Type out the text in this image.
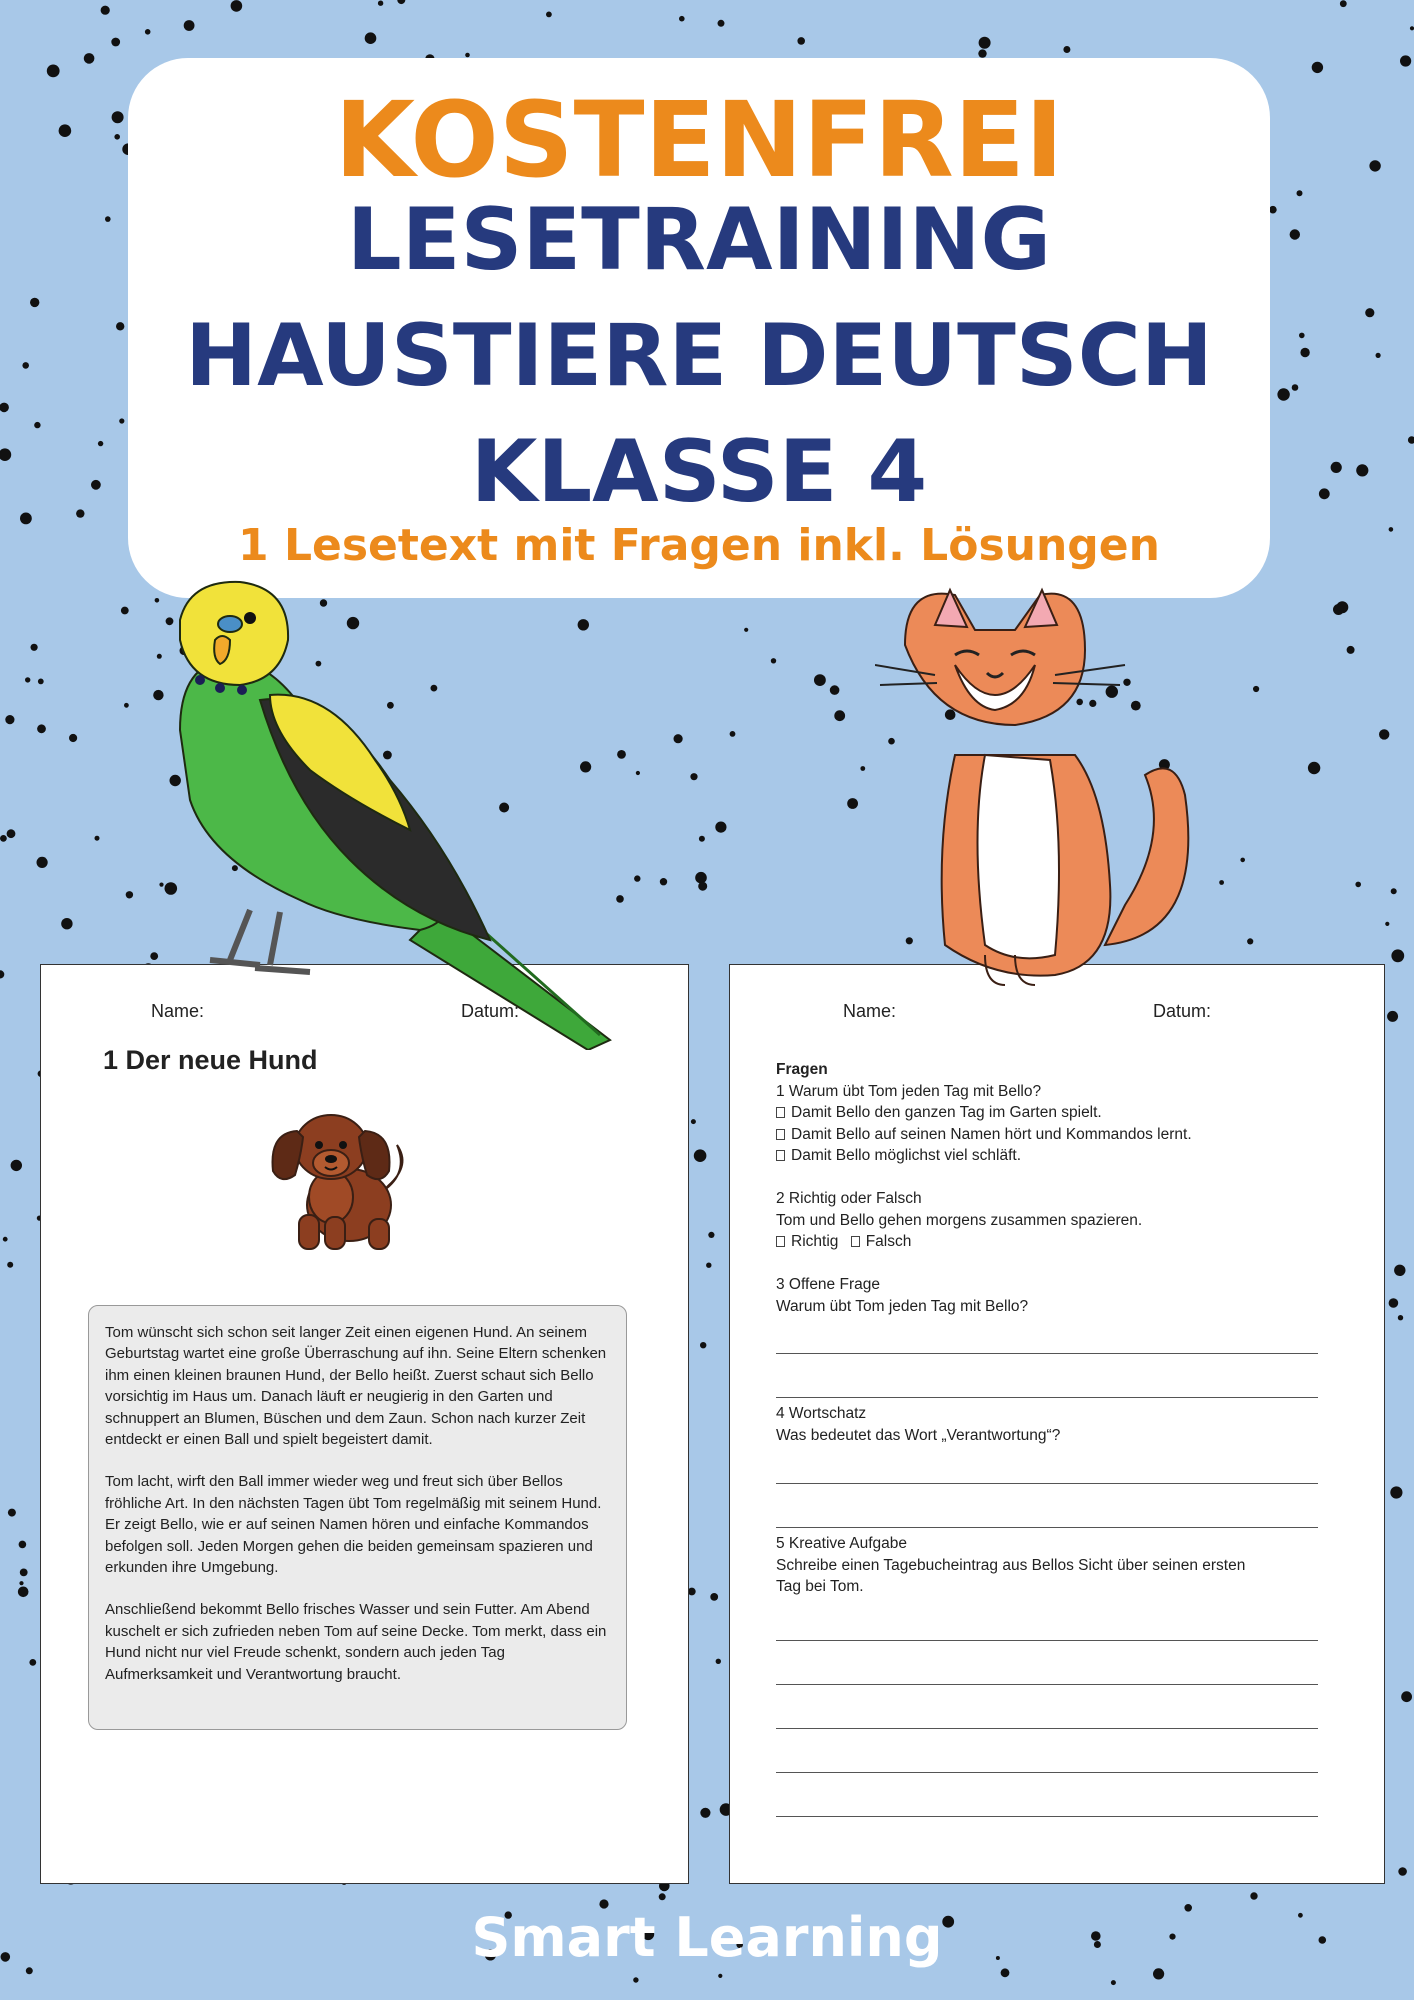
KOSTENFREI

LESETRAINING

HAUSTIERE DEUTSCH

KLASSE 4

1 Lesetext mit Fragen inkl. Lösungen

Name:	Datum:
1 Der neue Hund

Tom wünscht sich schon seit langer Zeit einen eigenen Hund. An seinem Geburtstag wartet eine große Überraschung auf ihn. Seine Eltern schenken ihm einen kleinen braunen Hund, der Bello heißt. Zuerst schaut sich Bello vorsichtig im Haus um. Danach läuft er neugierig in den Garten und schnuppert an Blumen, Büschen und dem Zaun. Schon nach kurzer Zeit entdeckt er einen Ball und spielt begeistert damit.

Tom lacht, wirft den Ball immer wieder weg und freut sich über Bellos fröhliche Art. In den nächsten Tagen übt Tom regelmäßig mit seinem Hund. Er zeigt Bello, wie er auf seinen Namen hören und einfache Kommandos befolgen soll. Jeden Morgen gehen die beiden gemeinsam spazieren und erkunden ihre Umgebung.

Anschließend bekommt Bello frisches Wasser und sein Futter. Am Abend kuschelt er sich zufrieden neben Tom auf seine Decke. Tom merkt, dass ein Hund nicht nur viel Freude schenkt, sondern auch jeden Tag Aufmerksamkeit und Verantwortung braucht.

Name:	Datum:
Fragen
1 Warum übt Tom jeden Tag mit Bello?
Damit Bello den ganzen Tag im Garten spielt.
Damit Bello auf seinen Namen hört und Kommandos lernt.
Damit Bello möglichst viel schläft.
2 Richtig oder Falsch
Tom und Bello gehen morgens zusammen spazieren.
Richtig Falsch
3 Offene Frage
Warum übt Tom jeden Tag mit Bello?
4 Wortschatz
Was bedeutet das Wort „Verantwortung“?
5 Kreative Aufgabe
Schreibe einen Tagebucheintrag aus Bellos Sicht über seinen ersten
Tag bei Tom.

Smart Learning
